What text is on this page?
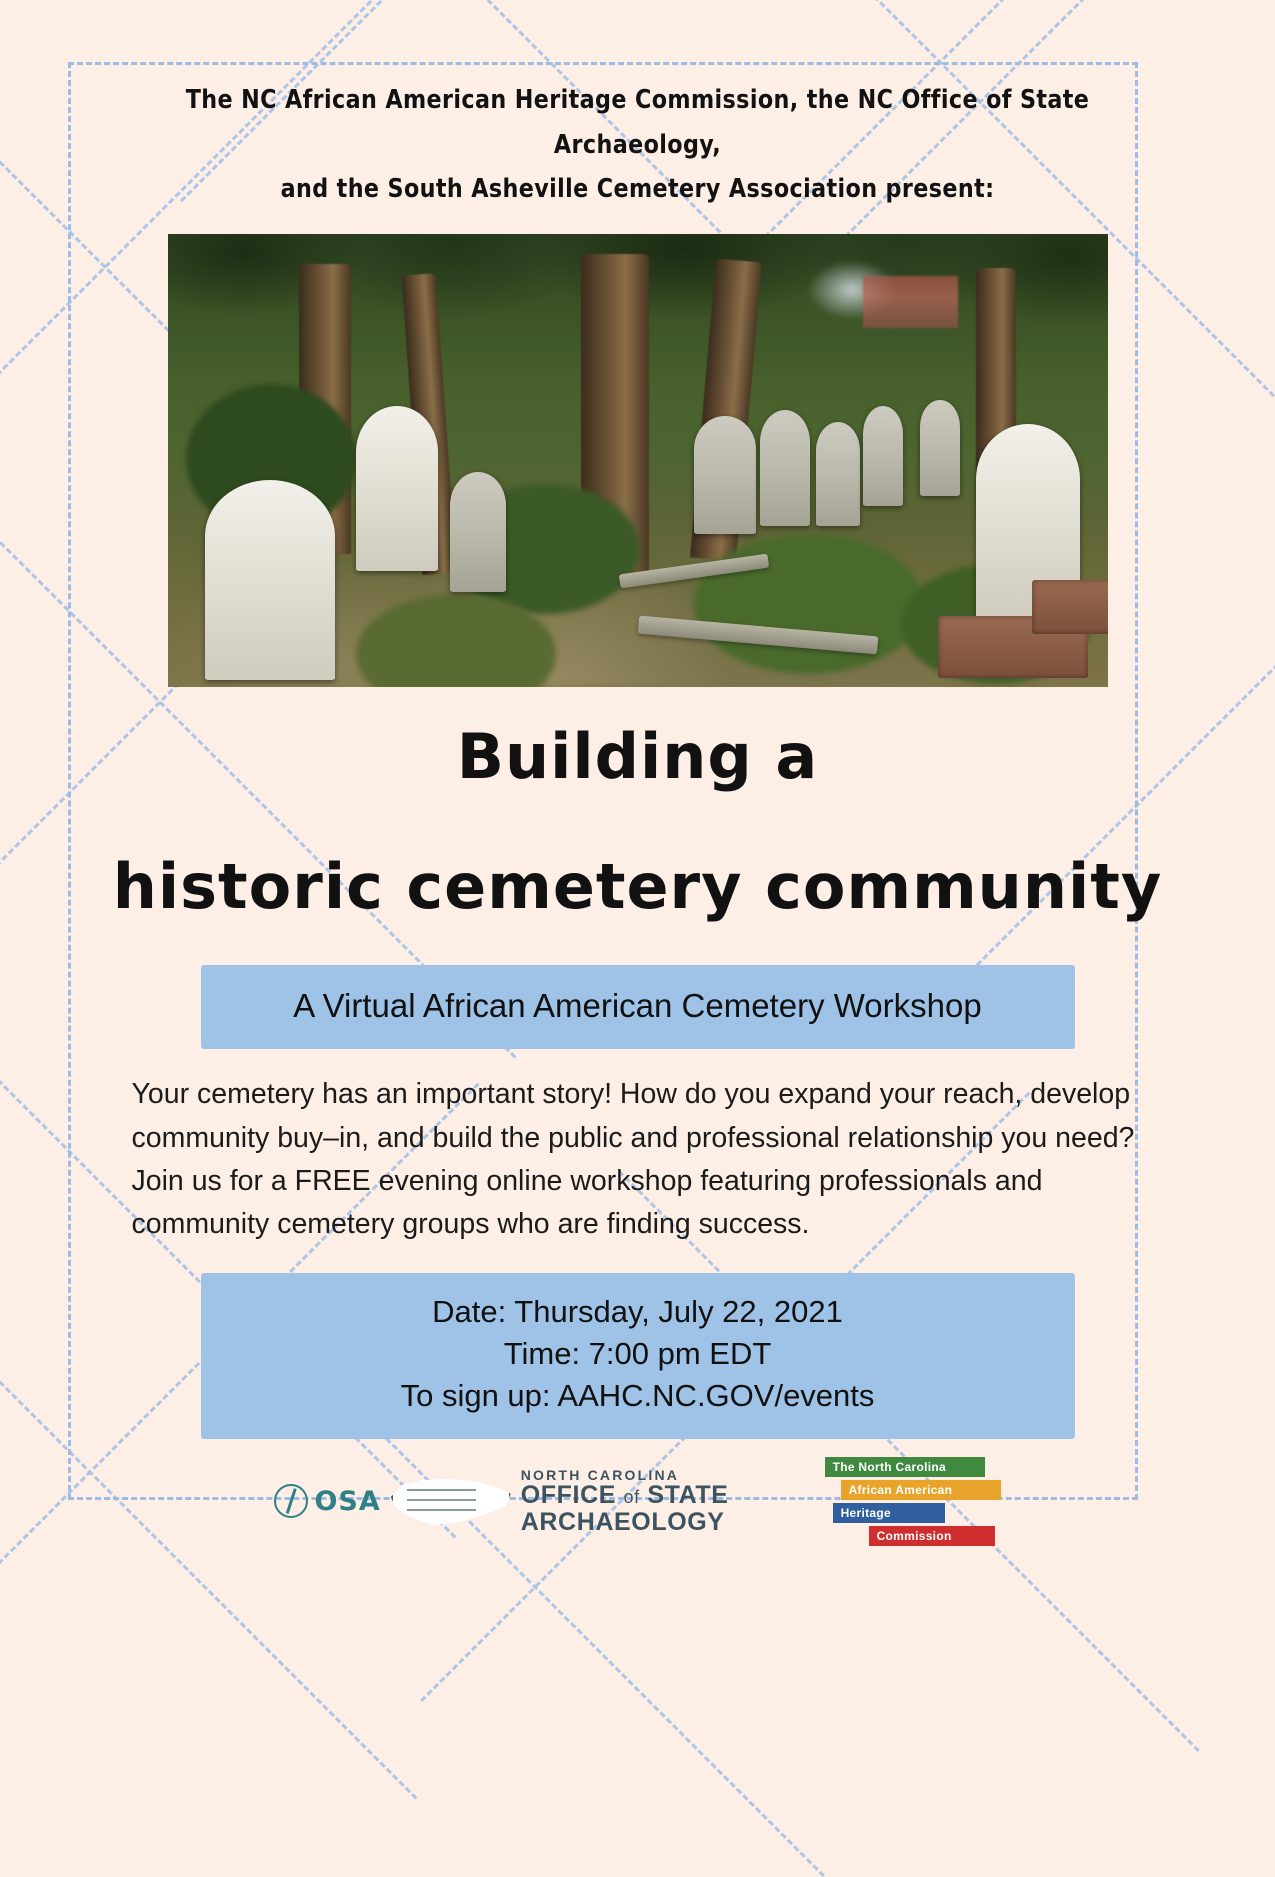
The NC African American Heritage Commission, the NC Office of State Archaeology,
and the South Asheville Cemetery Association present:
Building a
historic cemetery community
A Virtual African American Cemetery Workshop
Your cemetery has an important story! How do you expand your reach, develop community buy–in, and build the public and professional relationship you need? Join us for a FREE evening online workshop featuring professionals and community cemetery groups who are finding success.
Date: Thursday, July 22, 2021
Time: 7:00 pm EDT
To sign up: AAHC.NC.GOV/events
OSA
NORTH CAROLINA
OFFICE of STATE
ARCHAEOLOGY
The North Carolina
African American
Heritage
Commission
